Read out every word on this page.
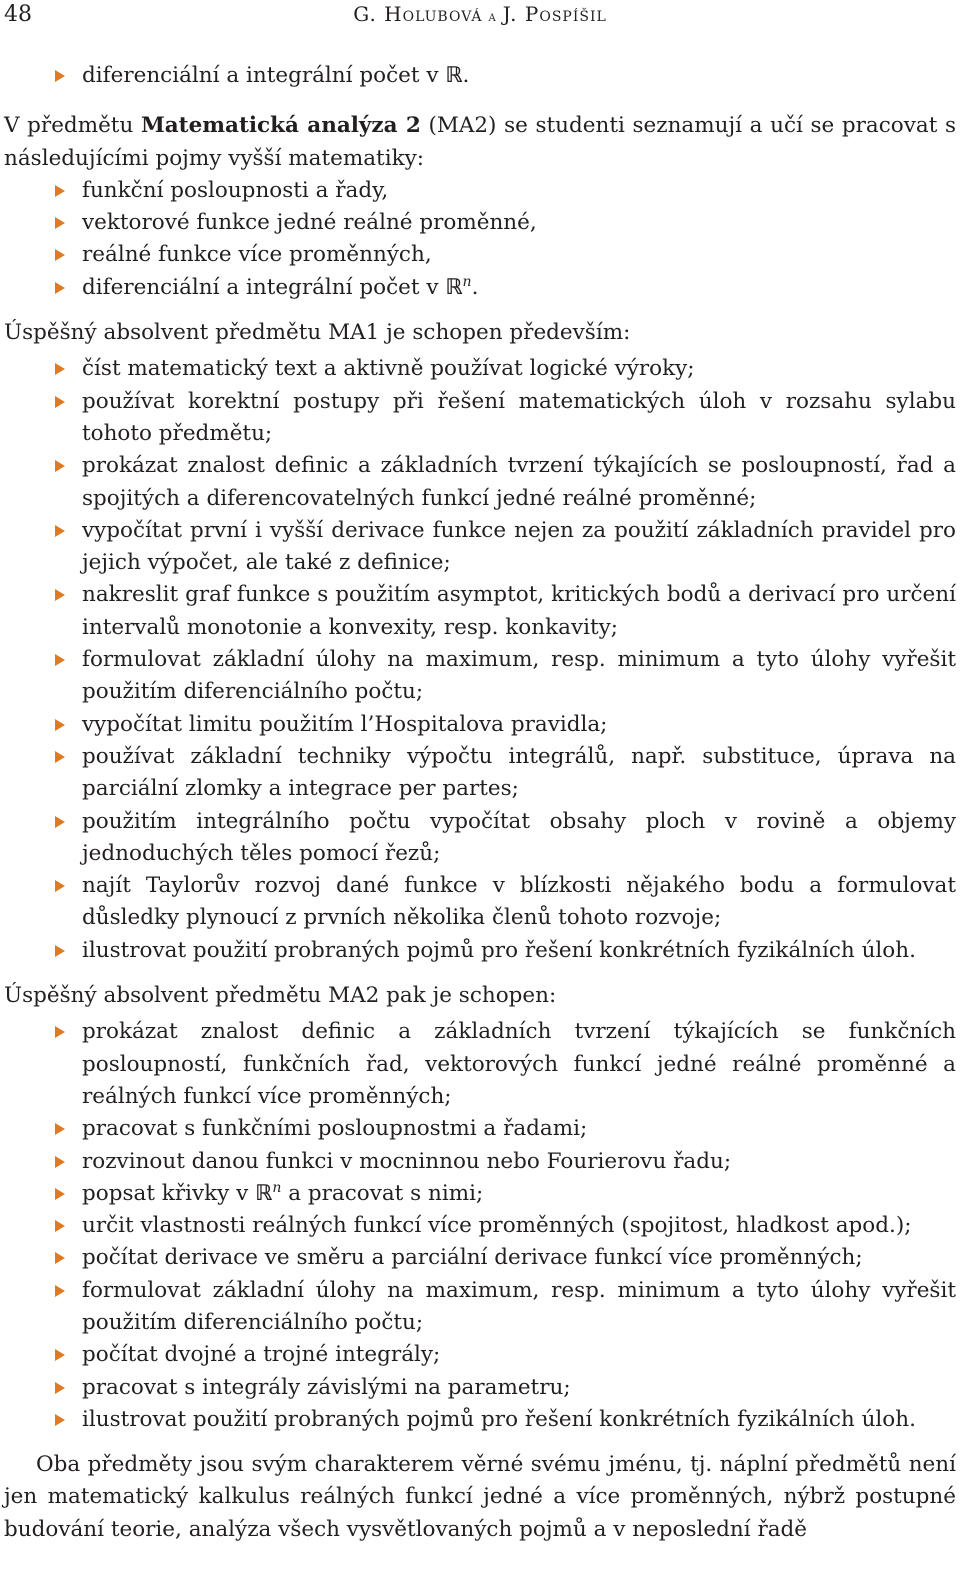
48	G. Holubová a J. Pospíšil
diferenciální a integrální počet v ℝ.

V předmětu Matematická analýza 2 (MA2) se studenti seznamují a učí se pracovat s následujícími pojmy vyšší matematiky:

funkční posloupnosti a řady,
vektorové funkce jedné reálné proměnné,
reálné funkce více proměnných,
diferenciální a integrální počet v ℝ$^n$.

Úspěšný absolvent předmětu MA1 je schopen především:

číst matematický text a aktivně používat logické výroky;
používat korektní postupy při řešení matematických úloh v rozsahu sylabu tohoto předmětu;
prokázat znalost definic a základních tvrzení týkajících se posloupností, řad a spojitých a diferencovatelných funkcí jedné reálné proměnné;
vypočítat první i vyšší derivace funkce nejen za použití základních pravidel pro jejich výpočet, ale také z definice;
nakreslit graf funkce s použitím asymptot, kritických bodů a derivací pro určení intervalů monotonie a konvexity, resp. konkavity;
formulovat základní úlohy na maximum, resp. minimum a tyto úlohy vyřešit použitím diferenciálního počtu;
vypočítat limitu použitím l’Hospitalova pravidla;
používat základní techniky výpočtu integrálů, např. substituce, úprava na parciální zlomky a integrace per partes;
použitím integrálního počtu vypočítat obsahy ploch v rovině a objemy jednoduchých těles pomocí řezů;
najít Taylorův rozvoj dané funkce v blízkosti nějakého bodu a formulovat důsledky plynoucí z prvních několika členů tohoto rozvoje;
ilustrovat použití probraných pojmů pro řešení konkrétních fyzikálních úloh.

Úspěšný absolvent předmětu MA2 pak je schopen:

prokázat znalost definic a základních tvrzení týkajících se funkčních posloupností, funkčních řad, vektorových funkcí jedné reálné proměnné a reálných funkcí více proměnných;
pracovat s funkčními posloupnostmi a řadami;
rozvinout danou funkci v mocninnou nebo Fourierovu řadu;
popsat křivky v ℝ$^n$ a pracovat s nimi;
určit vlastnosti reálných funkcí více proměnných (spojitost, hladkost apod.);
počítat derivace ve směru a parciální derivace funkcí více proměnných;
formulovat základní úlohy na maximum, resp. minimum a tyto úlohy vyřešit použitím diferenciálního počtu;
počítat dvojné a trojné integrály;
pracovat s integrály závislými na parametru;
ilustrovat použití probraných pojmů pro řešení konkrétních fyzikálních úloh.

Oba předměty jsou svým charakterem věrné svému jménu, tj. náplní předmětů není jen matematický kalkulus reálných funkcí jedné a více proměnných, nýbrž postupné budování teorie, analýza všech vysvětlovaných pojmů a v neposlední řadě
